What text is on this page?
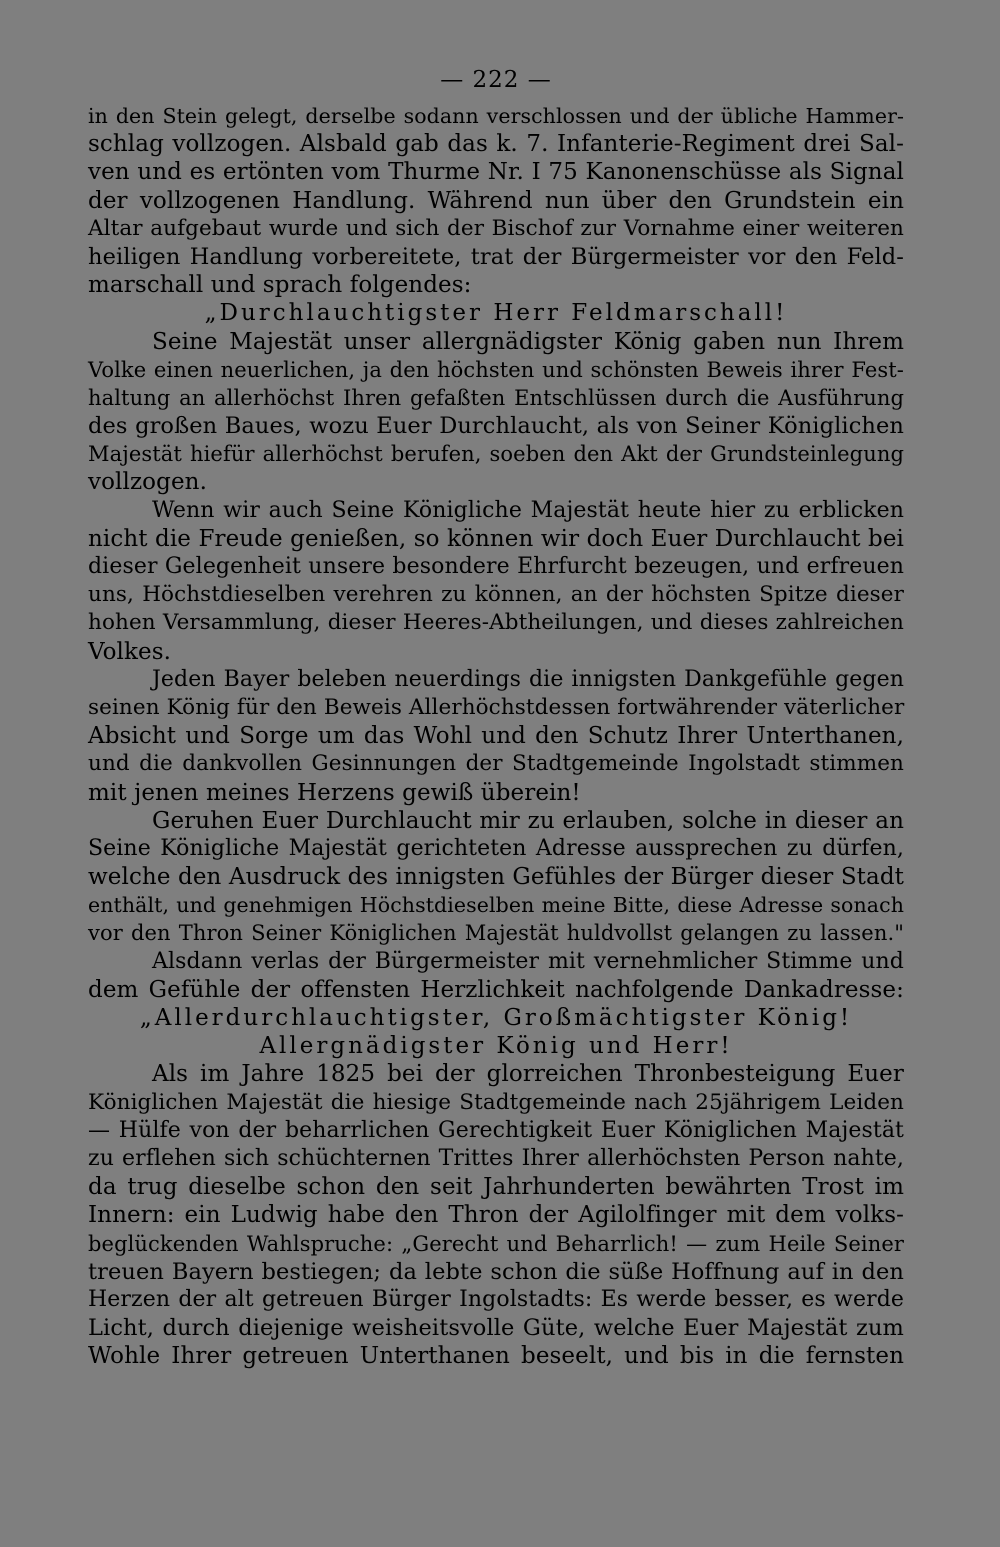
— 222 —
in den Stein gelegt, derselbe sodann verschlossen und der übliche Hammer-
schlag vollzogen. Alsbald gab das k. 7. Infanterie-Regiment drei Sal-
ven und es ertönten vom Thurme Nr. I 75 Kanonenschüsse als Signal
der vollzogenen Handlung. Während nun über den Grundstein ein
Altar aufgebaut wurde und sich der Bischof zur Vornahme einer weiteren
heiligen Handlung vorbereitete, trat der Bürgermeister vor den Feld-
marschall und sprach folgendes:
„Durchlauchtigster Herr Feldmarschall!
Seine Majestät unser allergnädigster König gaben nun Ihrem
Volke einen neuerlichen, ja den höchsten und schönsten Beweis ihrer Fest-
haltung an allerhöchst Ihren gefaßten Entschlüssen durch die Ausführung
des großen Baues, wozu Euer Durchlaucht, als von Seiner Königlichen
Majestät hiefür allerhöchst berufen, soeben den Akt der Grundsteinlegung
vollzogen.
Wenn wir auch Seine Königliche Majestät heute hier zu erblicken
nicht die Freude genießen, so können wir doch Euer Durchlaucht bei
dieser Gelegenheit unsere besondere Ehrfurcht bezeugen, und erfreuen
uns, Höchstdieselben verehren zu können, an der höchsten Spitze dieser
hohen Versammlung, dieser Heeres-Abtheilungen, und dieses zahlreichen
Volkes.
Jeden Bayer beleben neuerdings die innigsten Dankgefühle gegen
seinen König für den Beweis Allerhöchstdessen fortwährender väterlicher
Absicht und Sorge um das Wohl und den Schutz Ihrer Unterthanen,
und die dankvollen Gesinnungen der Stadtgemeinde Ingolstadt stimmen
mit jenen meines Herzens gewiß überein!
Geruhen Euer Durchlaucht mir zu erlauben, solche in dieser an
Seine Königliche Majestät gerichteten Adresse aussprechen zu dürfen,
welche den Ausdruck des innigsten Gefühles der Bürger dieser Stadt
enthält, und genehmigen Höchstdieselben meine Bitte, diese Adresse sonach
vor den Thron Seiner Königlichen Majestät huldvollst gelangen zu lassen."
Alsdann verlas der Bürgermeister mit vernehmlicher Stimme und
dem Gefühle der offensten Herzlichkeit nachfolgende Dankadresse:
„Allerdurchlauchtigster, Großmächtigster König!
Allergnädigster König und Herr!
Als im Jahre 1825 bei der glorreichen Thronbesteigung Euer
Königlichen Majestät die hiesige Stadtgemeinde nach 25jährigem Leiden
— Hülfe von der beharrlichen Gerechtigkeit Euer Königlichen Majestät
zu erflehen sich schüchternen Trittes Ihrer allerhöchsten Person nahte,
da trug dieselbe schon den seit Jahrhunderten bewährten Trost im
Innern: ein Ludwig habe den Thron der Agilolfinger mit dem volks-
beglückenden Wahlspruche: „Gerecht und Beharrlich! — zum Heile Seiner
treuen Bayern bestiegen; da lebte schon die süße Hoffnung auf in den
Herzen der alt getreuen Bürger Ingolstadts: Es werde besser, es werde
Licht, durch diejenige weisheitsvolle Güte, welche Euer Majestät zum
Wohle Ihrer getreuen Unterthanen beseelt, und bis in die fernsten
